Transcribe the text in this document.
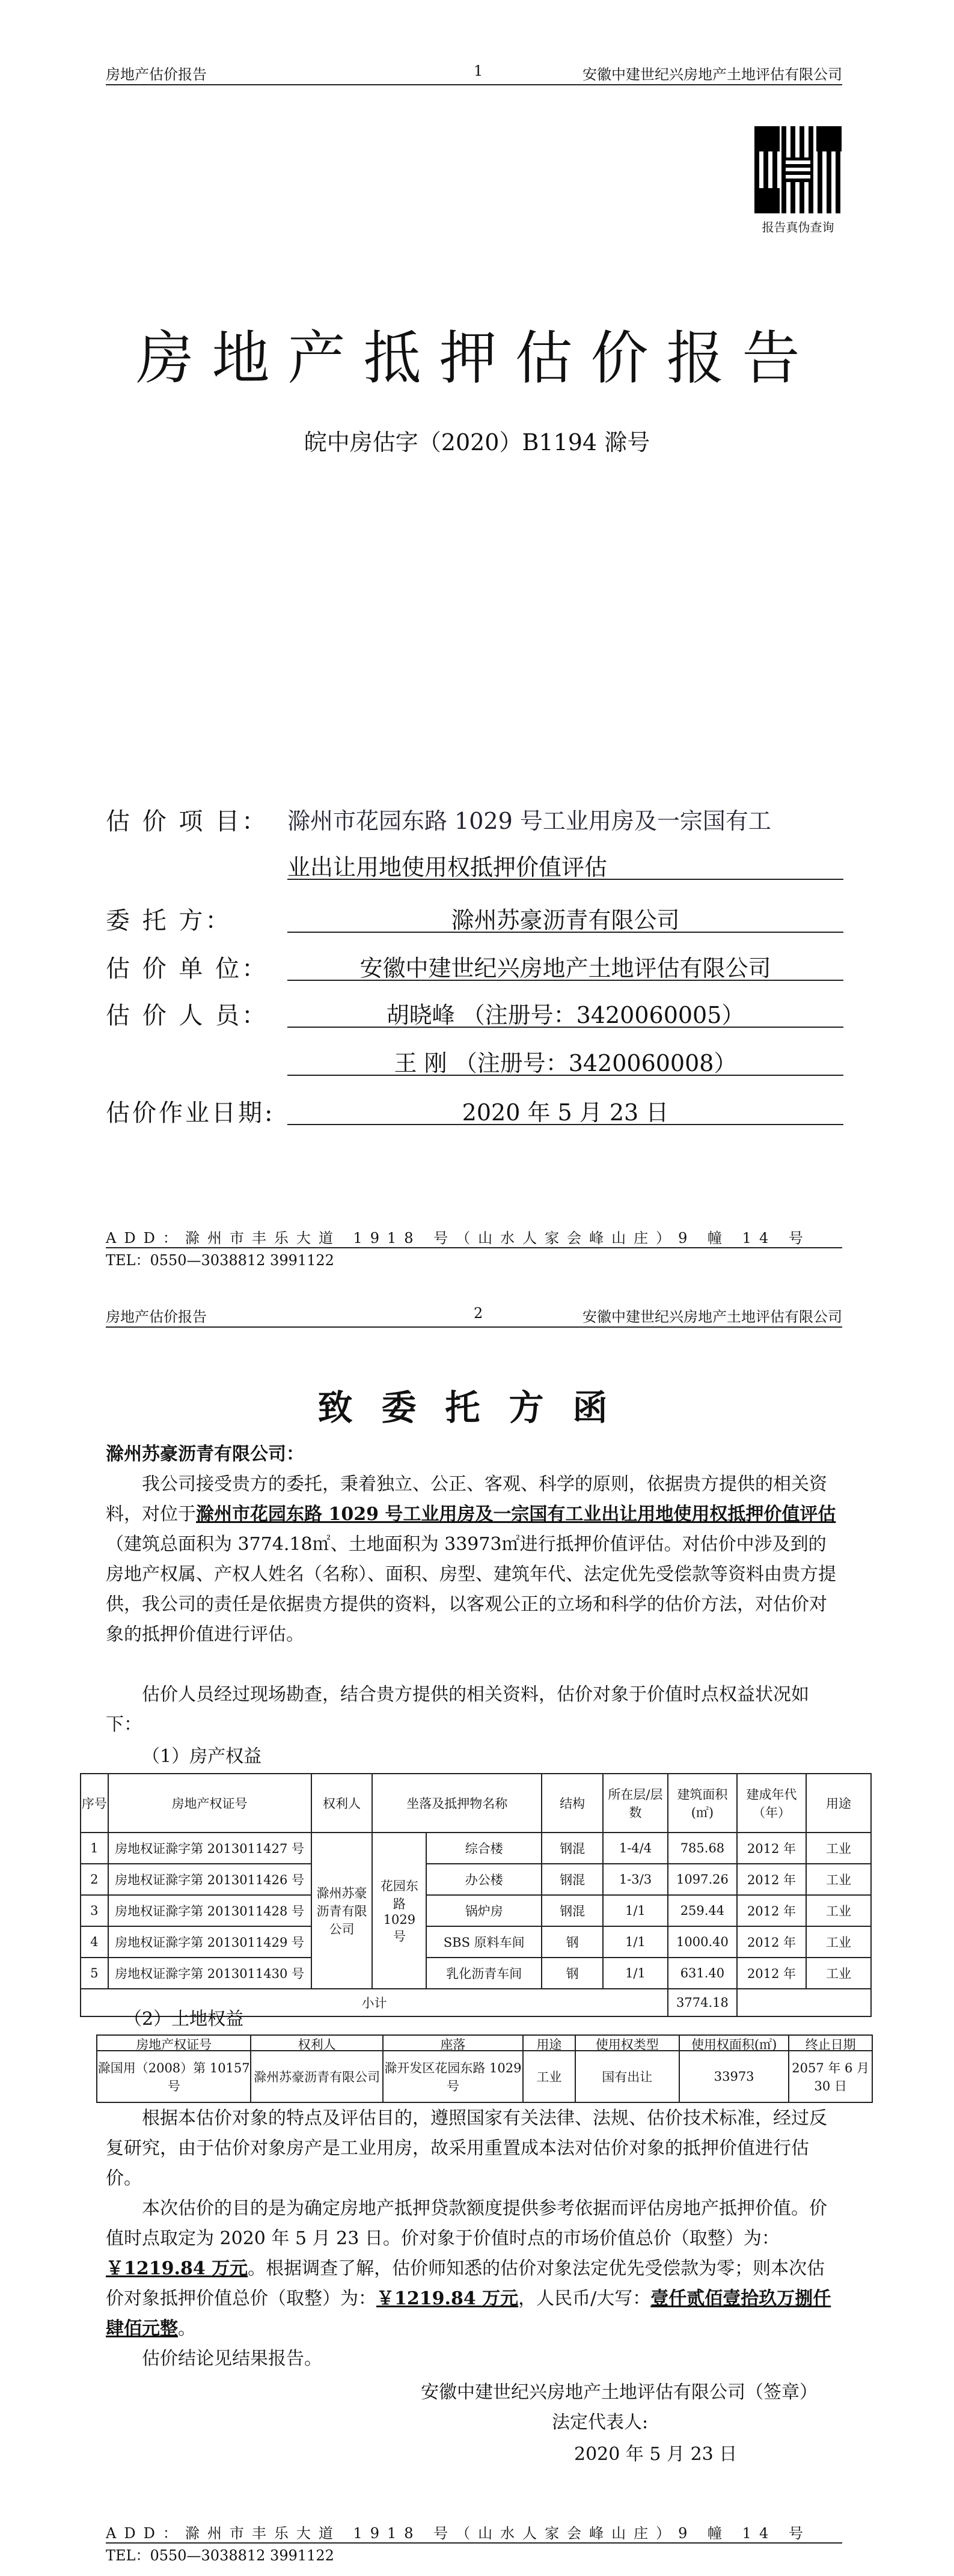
房地产估价报告	1	安徽中建世纪兴房地产土地评估有限公司
报告真伪查询
房地产抵押估价报告
皖中房估字（2020）B1194 滁号
估 价 项 目： 滁州市花园东路 1029 号工业用房及一宗国有工
业出让用地使用权抵押价值评估
委 托 方：	滁州苏豪沥青有限公司
估 价 单 位：	安徽中建世纪兴房地产土地评估有限公司
估 价 人 员：	胡晓峰 （注册号：3420060005）
王 刚 （注册号：3420060008）
估价作业日期:	2020 年 5 月 23 日
ADD：滁州市丰乐大道 1918 号（山水人家会峰山庄）9 幢 14 号
TEL：0550—3038812 3991122
房地产估价报告	2	安徽中建世纪兴房地产土地评估有限公司
致委托方函
滁州苏豪沥青有限公司：
我公司接受贵方的委托，秉着独立、公正、客观、科学的原则，依据贵方提供的相关资料，对位于滁州市花园东路 1029 号工业用房及一宗国有工业出让用地使用权抵押价值评估（建筑总面积为 3774.18㎡、土地面积为 33973㎡进行抵押价值评估。对估价中涉及到的房地产权属、产权人姓名（名称）、面积、房型、建筑年代、法定优先受偿款等资料由贵方提供，我公司的责任是依据贵方提供的资料，以客观公正的立场和科学的估价方法，对估价对象的抵押价值进行评估。
估价人员经过现场勘查，结合贵方提供的相关资料，估价对象于价值时点权益状况如下：
（1）房产权益
序号	房地产权证号	权利人	坐落及抵押物名称		结构	所在层/层数	建筑面积(㎡)	建成年代（年）	用途
1	房地权证滁字第 2013011427 号	滁州苏豪沥青有限公司	花园东路 1029 号	综合楼	钢混	1-4/4	785.68	2012 年	工业
2	房地权证滁字第 2013011426 号			办公楼	钢混	1-3/3	1097.26	2012 年	工业
3	房地权证滁字第 2013011428 号			锅炉房	钢混	1/1	259.44	2012 年	工业
4	房地权证滁字第 2013011429 号			SBS 原料车间	钢	1/1	1000.40	2012 年	工业
5	房地权证滁字第 2013011430 号			乳化沥青车间	钢	1/1	631.40	2012 年	工业
小计							3774.18		
（2）土地权益
房地产权证号	权利人	座落	用途	使用权类型	使用权面积(㎡)	终止日期
滁国用（2008）第 10157 号	滁州苏豪沥青有限公司	滁开发区花园东路 1029 号	工业	国有出让	33973	2057 年 6 月 30 日
根据本估价对象的特点及评估目的，遵照国家有关法律、法规、估价技术标准，经过反复研究，由于估价对象房产是工业用房，故采用重置成本法对估价对象的抵押价值进行估价。
本次估价的目的是为确定房地产抵押贷款额度提供参考依据而评估房地产抵押价值。价值时点取定为 2020 年 5 月 23 日。价对象于价值时点的市场价值总价（取整）为：￥1219.84 万元。根据调查了解，估价师知悉的估价对象法定优先受偿款为零；则本次估价对象抵押价值总价（取整）为：￥1219.84 万元，人民币/大写：壹仟贰佰壹拾玖万捌仟肆佰元整。
估价结论见结果报告。
安徽中建世纪兴房地产土地评估有限公司（签章）
法定代表人:
2020 年 5 月 23 日
ADD：滁州市丰乐大道 1918 号（山水人家会峰山庄）9 幢 14 号
TEL：0550—3038812 3991122
